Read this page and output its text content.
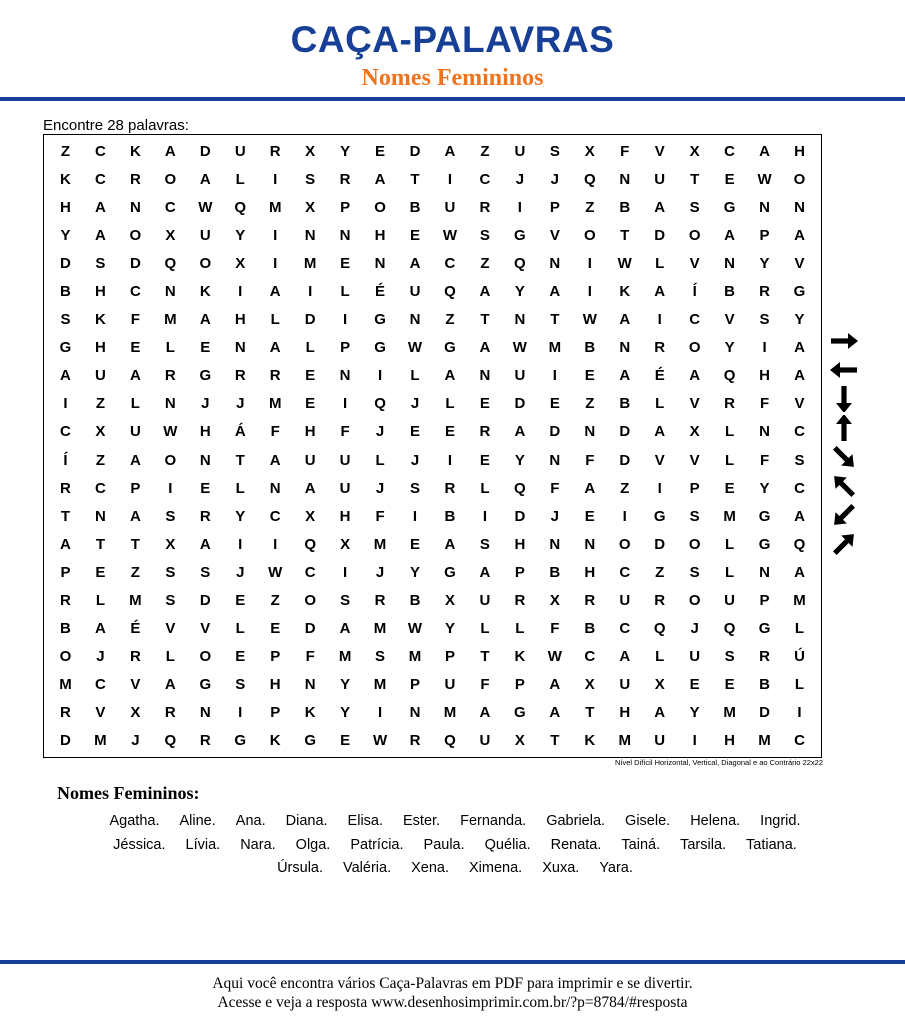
CAÇA-PALAVRAS
Nomes Femininos
Encontre 28 palavras:
Z	C	K	A	D	U	R	X	Y	E	D	A	Z	U	S	X	F	V	X	C	A	H
K	C	R	O	A	L	I	S	R	A	T	I	C	J	J	Q	N	U	T	E	W	O
H	A	N	C	W	Q	M	X	P	O	B	U	R	I	P	Z	B	A	S	G	N	N
Y	A	O	X	U	Y	I	N	N	H	E	W	S	G	V	O	T	D	O	A	P	A
D	S	D	Q	O	X	I	M	E	N	A	C	Z	Q	N	I	W	L	V	N	Y	V
B	H	C	N	K	I	A	I	L	É	U	Q	A	Y	A	I	K	A	Í	B	R	G
S	K	F	M	A	H	L	D	I	G	N	Z	T	N	T	W	A	I	C	V	S	Y
G	H	E	L	E	N	A	L	P	G	W	G	A	W	M	B	N	R	O	Y	I	A
A	U	A	R	G	R	R	E	N	I	L	A	N	U	I	E	A	É	A	Q	H	A
I	Z	L	N	J	J	M	E	I	Q	J	L	E	D	E	Z	B	L	V	R	F	V
C	X	U	W	H	Á	F	H	F	J	E	E	R	A	D	N	D	A	X	L	N	C
Í	Z	A	O	N	T	A	U	U	L	J	I	E	Y	N	F	D	V	V	L	F	S
R	C	P	I	E	L	N	A	U	J	S	R	L	Q	F	A	Z	I	P	E	Y	C
T	N	A	S	R	Y	C	X	H	F	I	B	I	D	J	E	I	G	S	M	G	A
A	T	T	X	A	I	I	Q	X	M	E	A	S	H	N	N	O	D	O	L	G	Q
P	E	Z	S	S	J	W	C	I	J	Y	G	A	P	B	H	C	Z	S	L	N	A
R	L	M	S	D	E	Z	O	S	R	B	X	U	R	X	R	U	R	O	U	P	M
B	A	É	V	V	L	E	D	A	M	W	Y	L	L	F	B	C	Q	J	Q	G	L
O	J	R	L	O	E	P	F	M	S	M	P	T	K	W	C	A	L	U	S	R	Ú
M	C	V	A	G	S	H	N	Y	M	P	U	F	P	A	X	U	X	E	E	B	L
R	V	X	R	N	I	P	K	Y	I	N	M	A	G	A	T	H	A	Y	M	D	I
D	M	J	Q	R	G	K	G	E	W	R	Q	U	X	T	K	M	U	I	H	M	C
Nível Difícil Horizontal, Vertical, Diagonal e ao Contrário 22x22
Nomes Femininos:
Agatha. Aline. Ana. Diana. Elisa. Ester. Fernanda. Gabriela. Gisele. Helena. Ingrid.
Jéssica. Lívia. Nara. Olga. Patrícia. Paula. Quélia. Renata. Tainá. Tarsila. Tatiana.
Úrsula. Valéria. Xena. Ximena. Xuxa. Yara.
Aqui você encontra vários Caça-Palavras em PDF para imprimir e se divertir.
Acesse e veja a resposta www.desenhosimprimir.com.br/?p=8784/#resposta
